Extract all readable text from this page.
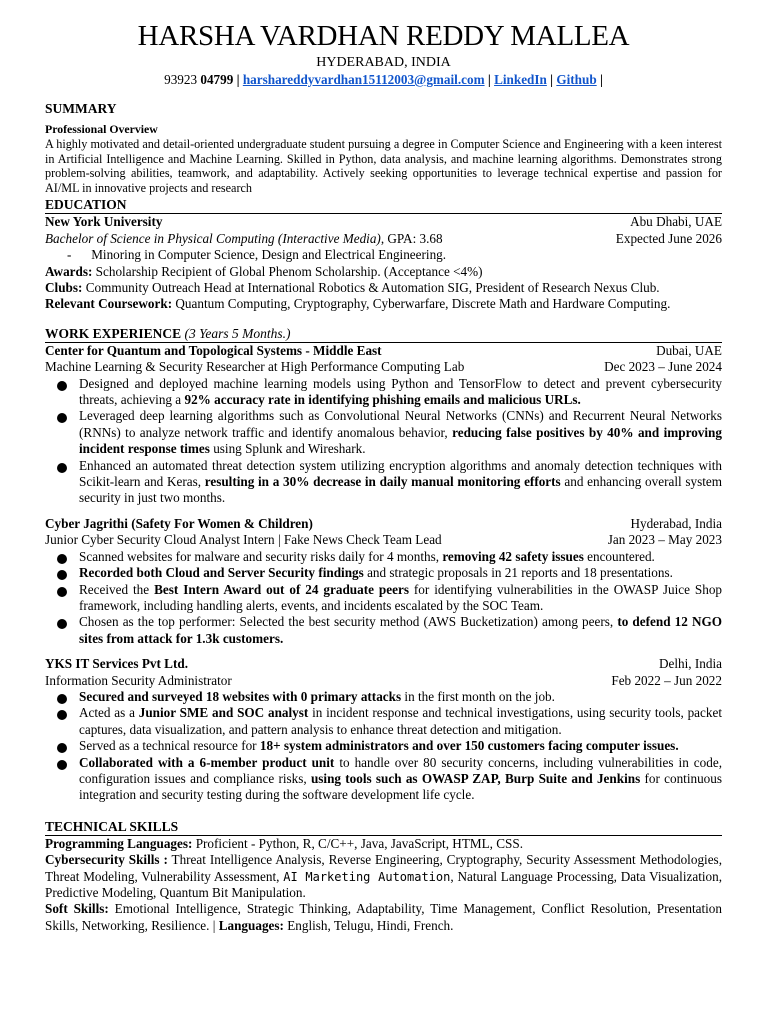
HARSHA VARDHAN REDDY MALLEA
HYDERABAD, INDIA
93923 04799 | harshareddyvardhan15112003@gmail.com | LinkedIn | Github |
SUMMARY
Professional Overview
A highly motivated and detail-oriented undergraduate student pursuing a degree in Computer Science and Engineering with a keen interest in Artificial Intelligence and Machine Learning. Skilled in Python, data analysis, and machine learning algorithms. Demonstrates strong problem-solving abilities, teamwork, and adaptability. Actively seeking opportunities to leverage technical expertise and passion for AI/ML in innovative projects and research
EDUCATION
New York University	Abu Dhabi, UAE
Bachelor of Science in Physical Computing (Interactive Media), GPA: 3.68	Expected June 2026
- Minoring in Computer Science, Design and Electrical Engineering.
Awards: Scholarship Recipient of Global Phenom Scholarship. (Acceptance <4%)
Clubs: Community Outreach Head at International Robotics & Automation SIG, President of Research Nexus Club.
Relevant Coursework: Quantum Computing, Cryptography, Cyberwarfare, Discrete Math and Hardware Computing.
WORK EXPERIENCE (3 Years 5 Months.)
Center for Quantum and Topological Systems - Middle East	Dubai, UAE
Machine Learning & Security Researcher at High Performance Computing Lab	Dec 2023 – June 2024
Designed and deployed machine learning models using Python and TensorFlow to detect and prevent cybersecurity threats, achieving a 92% accuracy rate in identifying phishing emails and malicious URLs.
Leveraged deep learning algorithms such as Convolutional Neural Networks (CNNs) and Recurrent Neural Networks (RNNs) to analyze network traffic and identify anomalous behavior, reducing false positives by 40% and improving incident response times using Splunk and Wireshark.
Enhanced an automated threat detection system utilizing encryption algorithms and anomaly detection techniques with Scikit-learn and Keras, resulting in a 30% decrease in daily manual monitoring efforts and enhancing overall system security in just two months.
Cyber Jagrithi (Safety For Women & Children)	Hyderabad, India
Junior Cyber Security Cloud Analyst Intern | Fake News Check Team Lead	Jan 2023 – May 2023
Scanned websites for malware and security risks daily for 4 months, removing 42 safety issues encountered.
Recorded both Cloud and Server Security findings and strategic proposals in 21 reports and 18 presentations.
Received the Best Intern Award out of 24 graduate peers for identifying vulnerabilities in the OWASP Juice Shop framework, including handling alerts, events, and incidents escalated by the SOC Team.
Chosen as the top performer: Selected the best security method (AWS Bucketization) among peers, to defend 12 NGO sites from attack for 1.3k customers.
YKS IT Services Pvt Ltd.	Delhi, India
Information Security Administrator	Feb 2022 – Jun 2022
Secured and surveyed 18 websites with 0 primary attacks in the first month on the job.
Acted as a Junior SME and SOC analyst in incident response and technical investigations, using security tools, packet captures, data visualization, and pattern analysis to enhance threat detection and mitigation.
Served as a technical resource for 18+ system administrators and over 150 customers facing computer issues.
Collaborated with a 6-member product unit to handle over 80 security concerns, including vulnerabilities in code, configuration issues and compliance risks, using tools such as OWASP ZAP, Burp Suite and Jenkins for continuous integration and security testing during the software development life cycle.
TECHNICAL SKILLS
Programming Languages: Proficient - Python, R, C/C++, Java, JavaScript, HTML, CSS.
Cybersecurity Skills : Threat Intelligence Analysis, Reverse Engineering, Cryptography, Security Assessment Methodologies, Threat Modeling, Vulnerability Assessment, AI Marketing Automation, Natural Language Processing, Data Visualization, Predictive Modeling, Quantum Bit Manipulation.
Soft Skills: Emotional Intelligence, Strategic Thinking, Adaptability, Time Management, Conflict Resolution, Presentation Skills, Networking, Resilience. | Languages: English, Telugu, Hindi, French.
